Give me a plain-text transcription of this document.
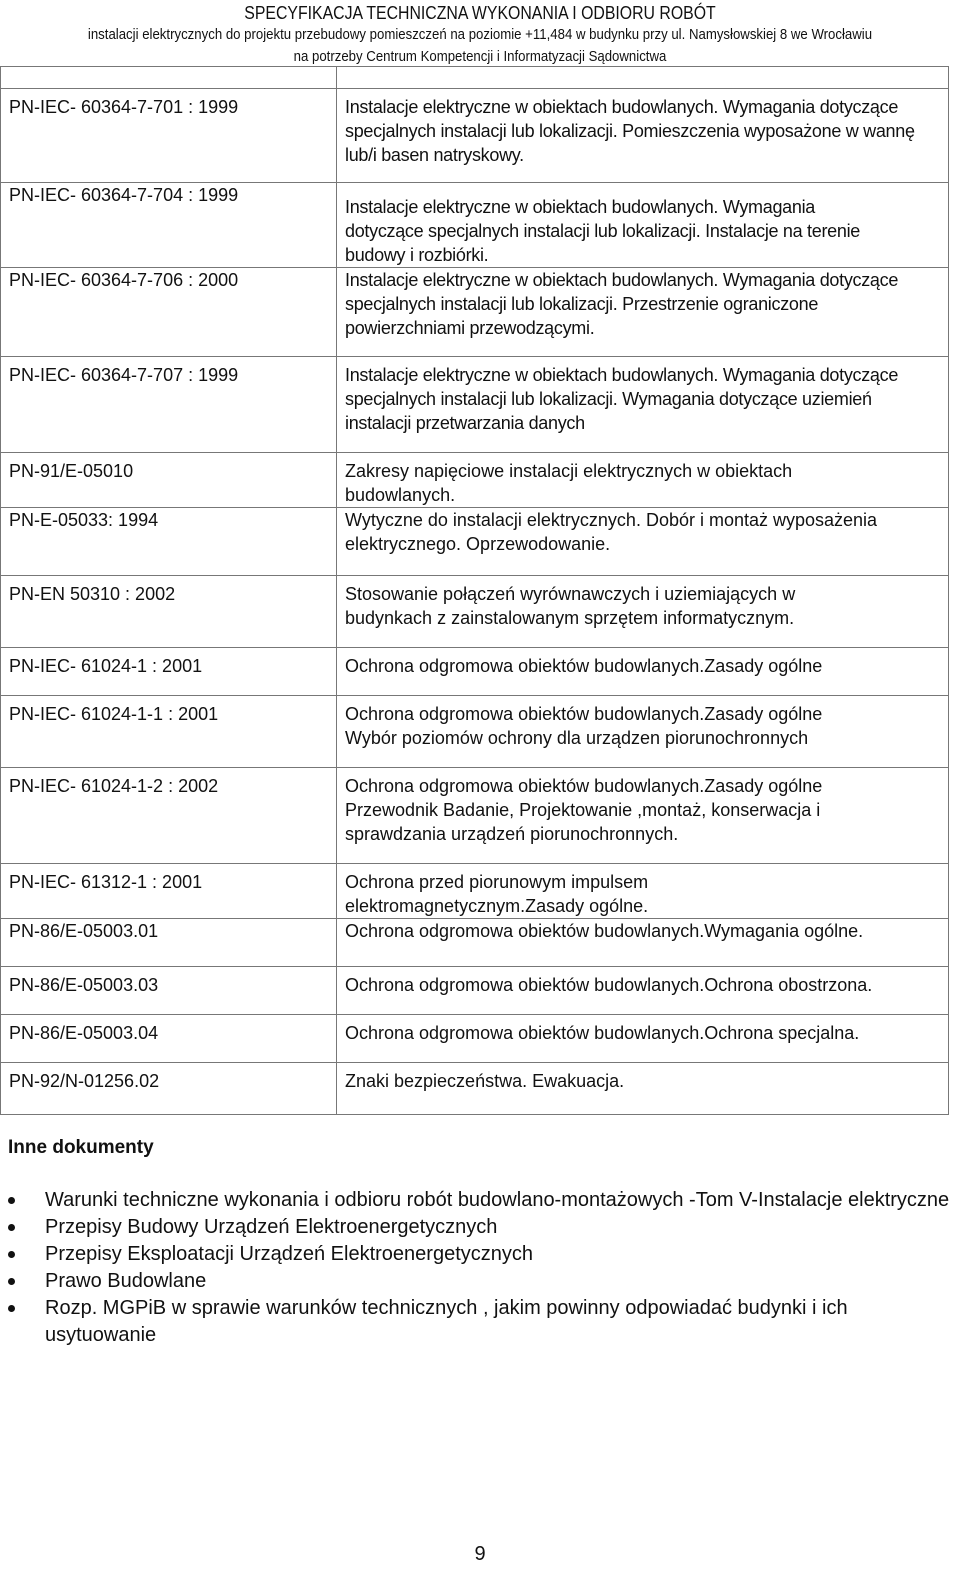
SPECYFIKACJA TECHNICZNA WYKONANIA I ODBIORU ROBÓT
instalacji elektrycznych do projektu przebudowy pomieszczeń na poziomie +11,484 w budynku przy ul. Namysłowskiej 8 we Wrocławiu
na potrzeby Centrum Kompetencji i Informatyzacji Sądownictwa

PN-IEC- 60364-7-701 : 1999	Instalacje elektryczne w obiektach budowlanych. Wymagania dotyczące
specjalnych instalacji lub lokalizacji. Pomieszczenia wyposażone w wannę
lub/i basen natryskowy.

PN-IEC- 60364-7-704 : 1999	Instalacje elektryczne w obiektach budowlanych. Wymagania
dotyczące specjalnych instalacji lub lokalizacji. Instalacje na terenie
budowy i rozbiórki.

PN-IEC- 60364-7-706 : 2000	Instalacje elektryczne w obiektach budowlanych. Wymagania dotyczące
specjalnych instalacji lub lokalizacji. Przestrzenie ograniczone
powierzchniami przewodzącymi.

PN-IEC- 60364-7-707 : 1999	Instalacje elektryczne w obiektach budowlanych. Wymagania dotyczące
specjalnych instalacji lub lokalizacji. Wymagania dotyczące uziemień
instalacji przetwarzania danych

PN-91/E-05010	Zakresy napięciowe instalacji elektrycznych w obiektach
budowlanych.

PN-E-05033: 1994	Wytyczne do instalacji elektrycznych. Dobór i montaż wyposażenia
elektrycznego. Oprzewodowanie.

PN-EN 50310 : 2002	Stosowanie połączeń wyrównawczych i uziemiających w
budynkach z zainstalowanym sprzętem informatycznym.

PN-IEC- 61024-1 : 2001	Ochrona odgromowa obiektów budowlanych.Zasady ogólne

PN-IEC- 61024-1-1 : 2001	Ochrona odgromowa obiektów budowlanych.Zasady ogólne
Wybór poziomów ochrony dla urządzen piorunochronnych

PN-IEC- 61024-1-2 : 2002	Ochrona odgromowa obiektów budowlanych.Zasady ogólne
Przewodnik Badanie, Projektowanie ,montaż, konserwacja i
sprawdzania urządzeń piorunochronnych.

PN-IEC- 61312-1 : 2001	Ochrona przed piorunowym impulsem
elektromagnetycznym.Zasady ogólne.

PN-86/E-05003.01	Ochrona odgromowa obiektów budowlanych.Wymagania ogólne.

PN-86/E-05003.03	Ochrona odgromowa obiektów budowlanych.Ochrona obostrzona.

PN-86/E-05003.04	Ochrona odgromowa obiektów budowlanych.Ochrona specjalna.

PN-92/N-01256.02	Znaki bezpieczeństwa. Ewakuacja.
Inne dokumenty
Warunki techniczne wykonania i odbioru robót budowlano-montażowych -Tom V-Instalacje elektryczne
Przepisy Budowy Urządzeń Elektroenergetycznych
Przepisy Eksploatacji Urządzeń Elektroenergetycznych
Prawo Budowlane
Rozp. MGPiB w sprawie warunków technicznych , jakim powinny odpowiadać budynki i ich usytuowanie
9
